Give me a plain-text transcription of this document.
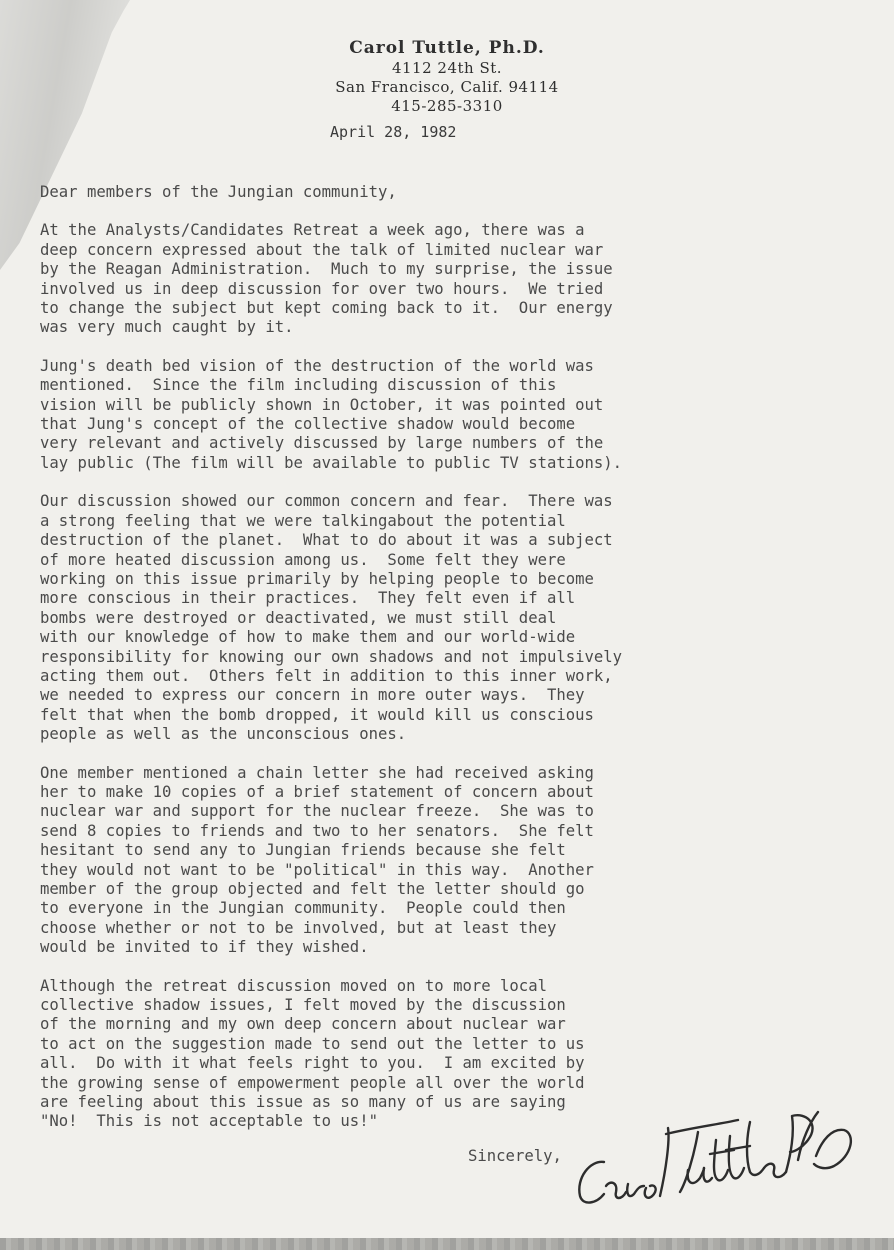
Carol Tuttle, Ph.D.
4112 24th St.
San Francisco, Calif. 94114
415-285-3310
April 28, 1982
Dear members of the Jungian community,
At the Analysts/Candidates Retreat a week ago, there was a
deep concern expressed about the talk of limited nuclear war
by the Reagan Administration.  Much to my surprise, the issue
involved us in deep discussion for over two hours.  We tried
to change the subject but kept coming back to it.  Our energy
was very much caught by it.
Jung's death bed vision of the destruction of the world was
mentioned.  Since the film including discussion of this
vision will be publicly shown in October, it was pointed out
that Jung's concept of the collective shadow would become
very relevant and actively discussed by large numbers of the
lay public (The film will be available to public TV stations).
Our discussion showed our common concern and fear.  There was
a strong feeling that we were talkingabout the potential
destruction of the planet.  What to do about it was a subject
of more heated discussion among us.  Some felt they were
working on this issue primarily by helping people to become
more conscious in their practices.  They felt even if all
bombs were destroyed or deactivated, we must still deal
with our knowledge of how to make them and our world-wide
responsibility for knowing our own shadows and not impulsively
acting them out.  Others felt in addition to this inner work,
we needed to express our concern in more outer ways.  They
felt that when the bomb dropped, it would kill us conscious
people as well as the unconscious ones.
One member mentioned a chain letter she had received asking
her to make 10 copies of a brief statement of concern about
nuclear war and support for the nuclear freeze.  She was to
send 8 copies to friends and two to her senators.  She felt
hesitant to send any to Jungian friends because she felt
they would not want to be "political" in this way.  Another
member of the group objected and felt the letter should go
to everyone in the Jungian community.  People could then
choose whether or not to be involved, but at least they
would be invited to if they wished.
Although the retreat discussion moved on to more local
collective shadow issues, I felt moved by the discussion
of the morning and my own deep concern about nuclear war
to act on the suggestion made to send out the letter to us
all.  Do with it what feels right to you.  I am excited by
the growing sense of empowerment people all over the world
are feeling about this issue as so many of us are saying
"No!  This is not acceptable to us!"
Sincerely,
